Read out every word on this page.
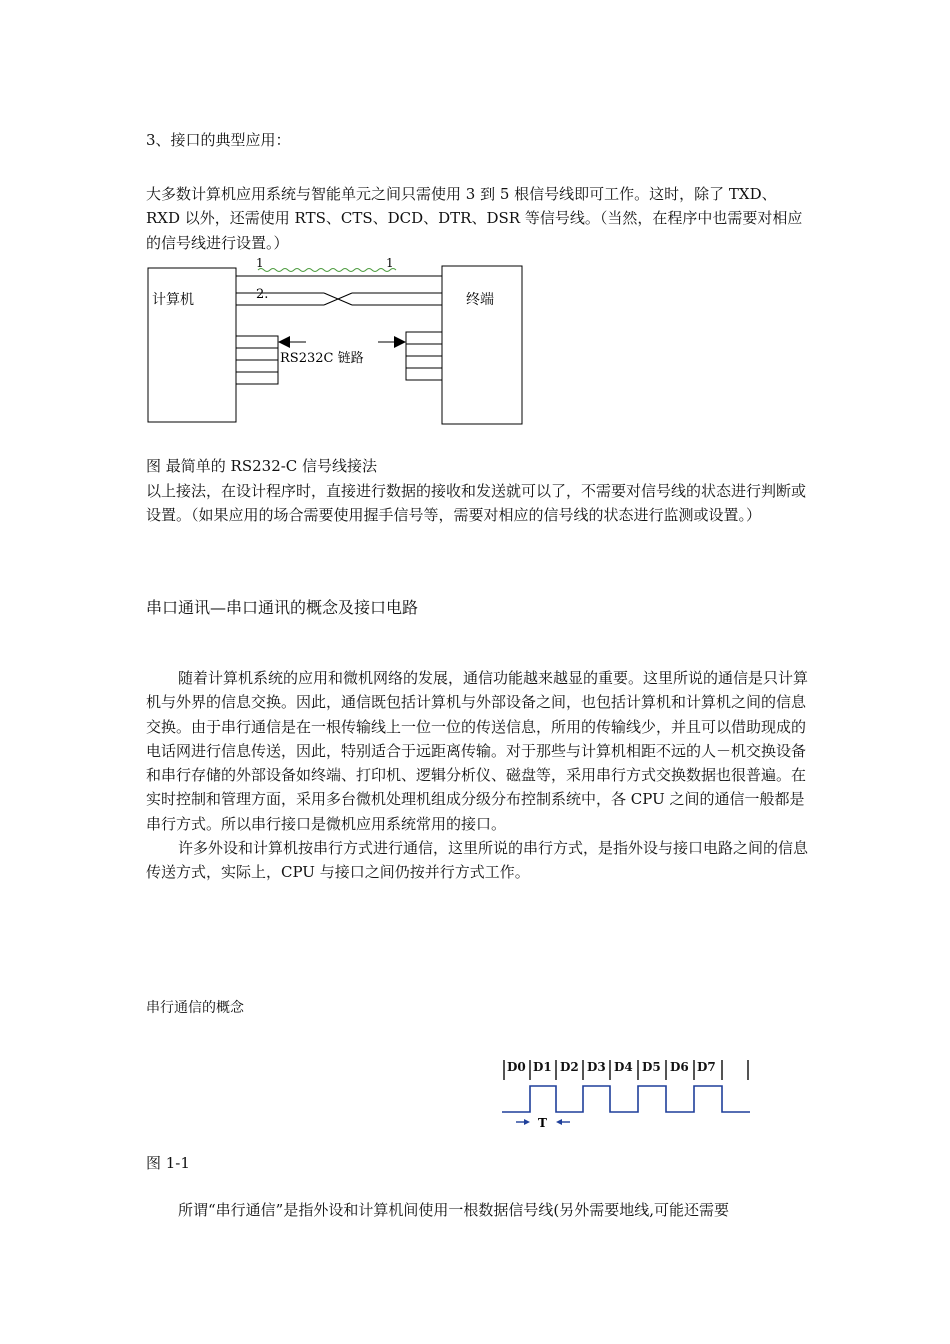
3、接口的典型应用：

大多数计算机应用系统与智能单元之间只需使用 3 到 5 根信号线即可工作。这时，除了 TXD、RXD 以外，还需使用 RTS、CTS、DCD、DTR、DSR 等信号线。（当然，在程序中也需要对相应的信号线进行设置。）

计算机	终端
1	1
2.
RS232C 链路
图 最简单的 RS232-C 信号线接法

以上接法，在设计程序时，直接进行数据的接收和发送就可以了，不需要对信号线的状态进行判断或设置。（如果应用的场合需要使用握手信号等，需要对相应的信号线的状态进行监测或设置。）

串口通讯—串口通讯的概念及接口电路

随着计算机系统的应用和微机网络的发展，通信功能越来越显的重要。这里所说的通信是只计算机与外界的信息交换。因此，通信既包括计算机与外部设备之间，也包括计算机和计算机之间的信息交换。由于串行通信是在一根传输线上一位一位的传送信息，所用的传输线少，并且可以借助现成的电话网进行信息传送，因此，特别适合于远距离传输。对于那些与计算机相距不远的人－机交换设备和串行存储的外部设备如终端、打印机、逻辑分析仪、磁盘等，采用串行方式交换数据也很普遍。在实时控制和管理方面，采用多台微机处理机组成分级分布控制系统中，各 CPU 之间的通信一般都是串行方式。所以串行接口是微机应用系统常用的接口。

许多外设和计算机按串行方式进行通信，这里所说的串行方式，是指外设与接口电路之间的信息传送方式，实际上，CPU 与接口之间仍按并行方式工作。

串行通信的概念
D0 D1 D2 D3 D4 D5 D6 D7
T
图 1-1
所谓“串行通信”是指外设和计算机间使用一根数据信号线(另外需要地线,可能还需要
